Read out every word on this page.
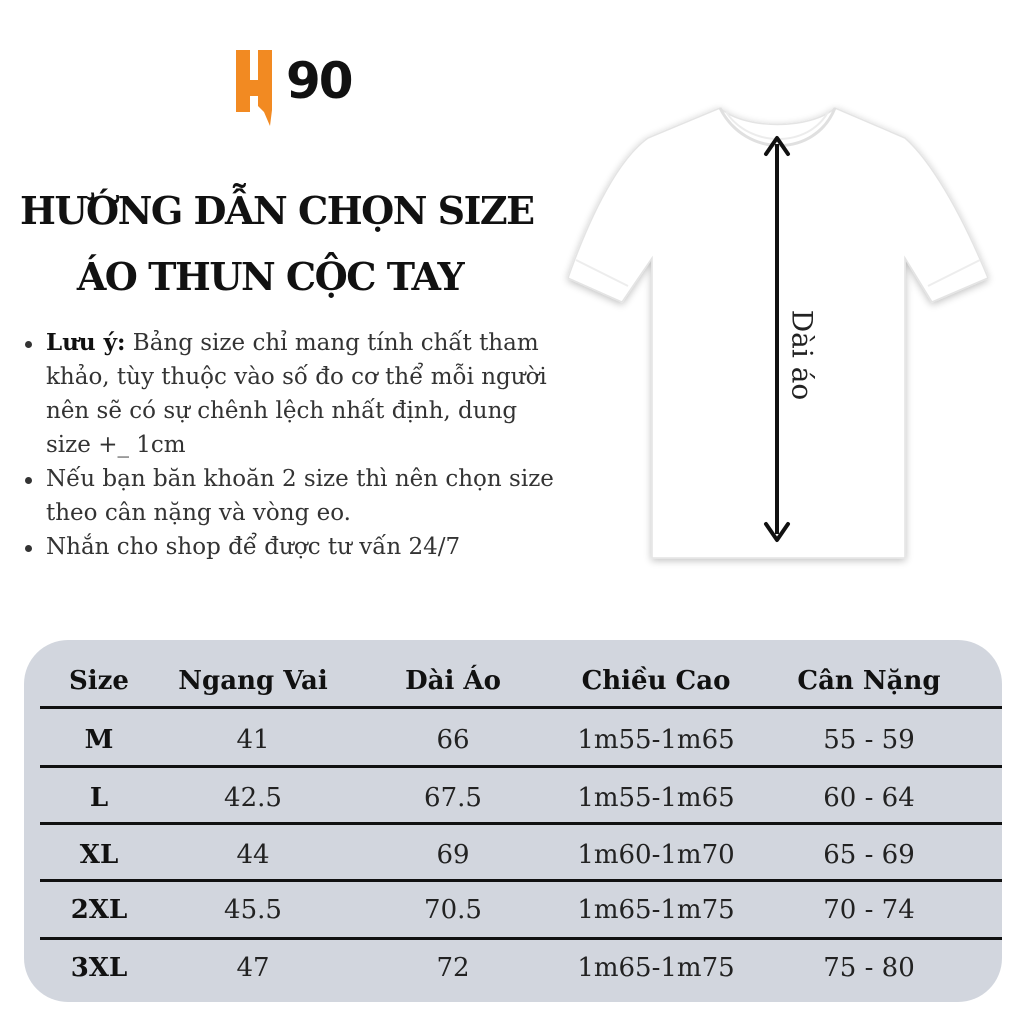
90
HƯỚNG DẪN CHỌN SIZE
ÁO THUN CỘC TAY
Lưu ý: Bảng size chỉ mang tính chất tham khảo, tùy thuộc vào số đo cơ thể mỗi người nên sẽ có sự chênh lệch nhất định, dung size +_ 1cm
Nếu bạn băn khoăn 2 size thì nên chọn size theo cân nặng và vòng eo.
Nhắn cho shop để được tư vấn 24/7
Dài áo
Size	Ngang Vai	Dài Áo	Chiều Cao	Cân Nặng
M	41	66	1m55-1m65	55 - 59
L	42.5	67.5	1m55-1m65	60 - 64
XL	44	69	1m60-1m70	65 - 69
2XL	45.5	70.5	1m65-1m75	70 - 74
3XL	47	72	1m65-1m75	75 - 80
